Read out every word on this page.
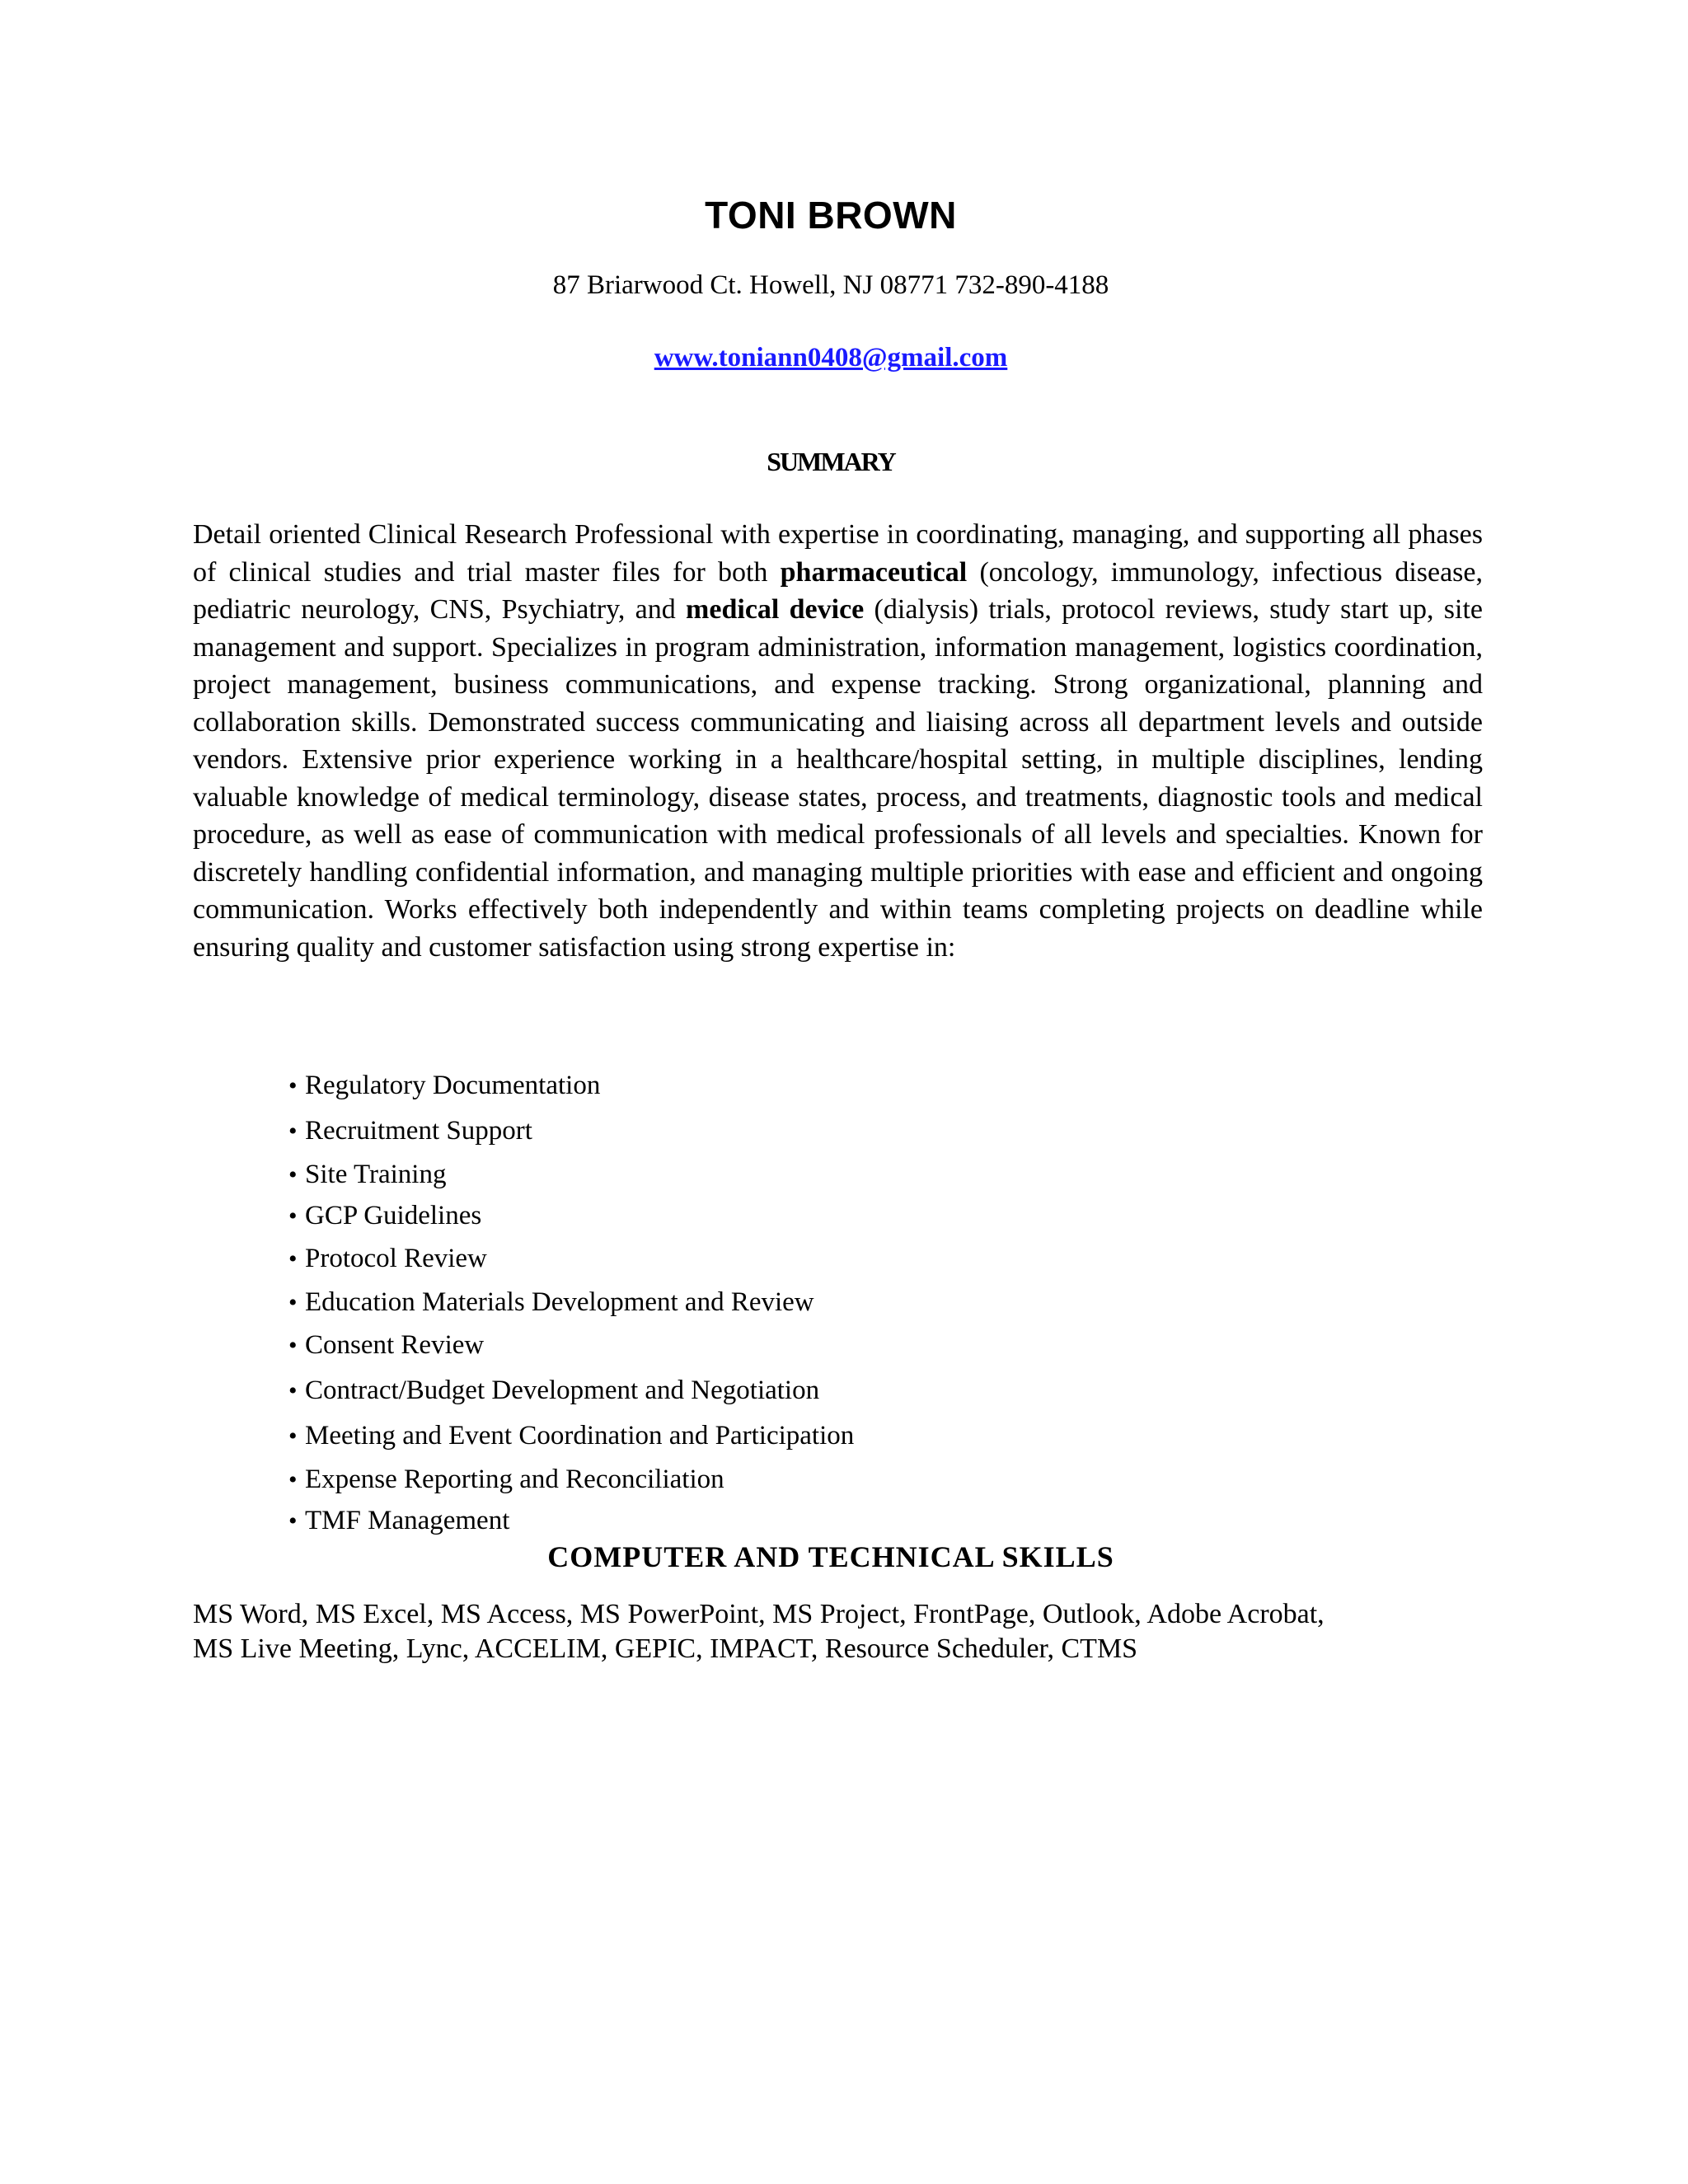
TONI BROWN
87 Briarwood Ct. Howell, NJ 08771 732-890-4188
www.toniann0408@gmail.com
SUMMARY

Detail oriented Clinical Research Professional with expertise in coordinating, managing, and supporting all phases of clinical studies and trial master files for both pharmaceutical (oncology, immunology, infectious disease, pediatric neurology, CNS, Psychiatry, and medical device (dialysis) trials, protocol reviews, study start up, site management and support. Specializes in program administration, information management, logistics coordination, project management, business communications, and expense tracking. Strong organizational, planning and collaboration skills. Demonstrated success communicating and liaising across all department levels and outside vendors. Extensive prior experience working in a healthcare/hospital setting, in multiple disciplines, lending valuable knowledge of medical terminology, disease states, process, and treatments, diagnostic tools and medical procedure, as well as ease of communication with medical professionals of all levels and specialties. Known for discretely handling confidential information, and managing multiple priorities with ease and efficient and ongoing communication. Works effectively both independently and within teams completing projects on deadline while ensuring quality and customer satisfaction using strong expertise in:

• Regulatory Documentation
• Recruitment Support
• Site Training
• GCP Guidelines
• Protocol Review
• Education Materials Development and Review
• Consent Review
• Contract/Budget Development and Negotiation
• Meeting and Event Coordination and Participation
• Expense Reporting and Reconciliation
• TMF Management
COMPUTER AND TECHNICAL SKILLS
MS Word, MS Excel, MS Access, MS PowerPoint, MS Project, FrontPage, Outlook, Adobe Acrobat,
MS Live Meeting, Lync, ACCELIM, GEPIC, IMPACT, Resource Scheduler, CTMS
